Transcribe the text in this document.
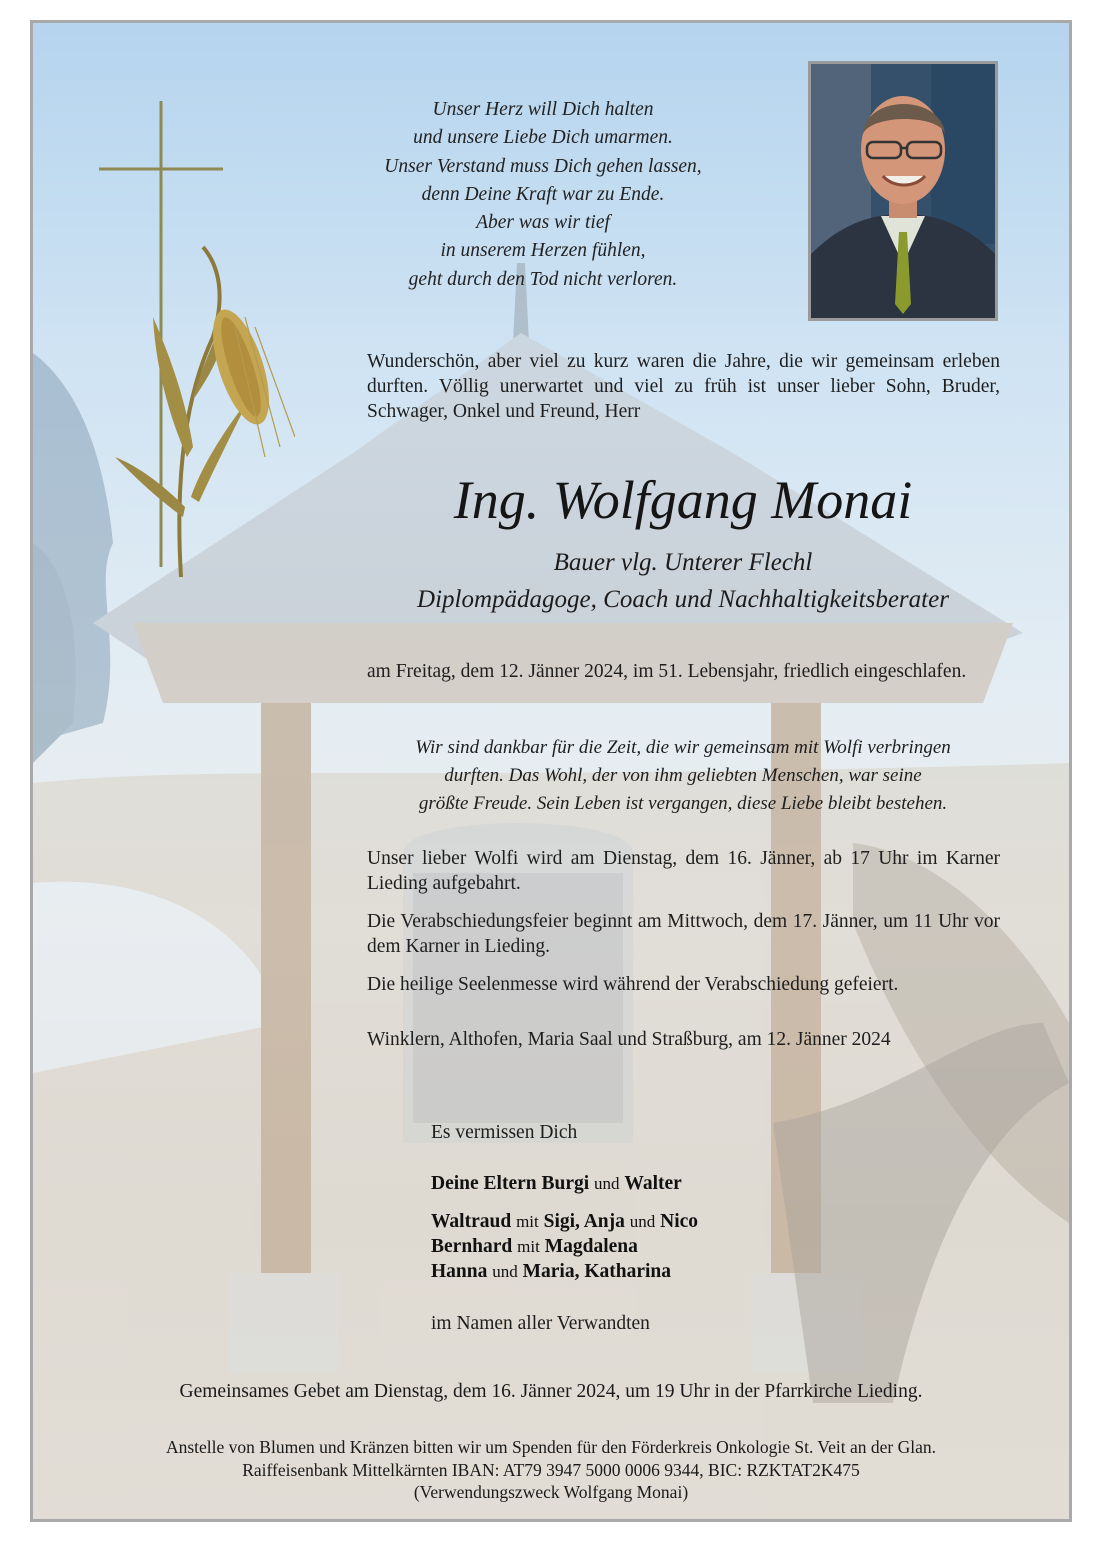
Unser Herz will Dich halten
und unsere Liebe Dich umarmen.
Unser Verstand muss Dich gehen lassen,
denn Deine Kraft war zu Ende.
Aber was wir tief
in unserem Herzen fühlen,
geht durch den Tod nicht verloren.
Wunderschön, aber viel zu kurz waren die Jahre, die wir gemeinsam erleben durften. Völlig unerwartet und viel zu früh ist unser lieber Sohn, Bruder, Schwager, Onkel und Freund, Herr
Ing. Wolfgang Monai
Bauer vlg. Unterer Flechl
Diplompädagoge, Coach und Nachhaltigkeitsberater
am Freitag, dem 12. Jänner 2024, im 51. Lebensjahr, friedlich eingeschlafen.
Wir sind dankbar für die Zeit, die wir gemeinsam mit Wolfi verbringen
durften. Das Wohl, der von ihm geliebten Menschen, war seine
größte Freude. Sein Leben ist vergangen, diese Liebe bleibt bestehen.
Unser lieber Wolfi wird am Dienstag, dem 16. Jänner, ab 17 Uhr im Karner Lieding aufgebahrt.
Die Verabschiedungsfeier beginnt am Mittwoch, dem 17. Jänner, um 11 Uhr vor dem Karner in Lieding.
Die heilige Seelenmesse wird während der Verabschiedung gefeiert.
Winklern, Althofen, Maria Saal und Straßburg, am 12. Jänner 2024
Es vermissen Dich
Deine Eltern Burgi und Walter
Waltraud mit Sigi, Anja und Nico
Bernhard mit Magdalena
Hanna und Maria, Katharina
im Namen aller Verwandten
Gemeinsames Gebet am Dienstag, dem 16. Jänner 2024, um 19 Uhr in der Pfarrkirche Lieding.
Anstelle von Blumen und Kränzen bitten wir um Spenden für den Förderkreis Onkologie St. Veit an der Glan.
Raiffeisenbank Mittelkärnten IBAN: AT79 3947 5000 0006 9344, BIC: RZKTAT2K475
(Verwendungszweck Wolfgang Monai)
